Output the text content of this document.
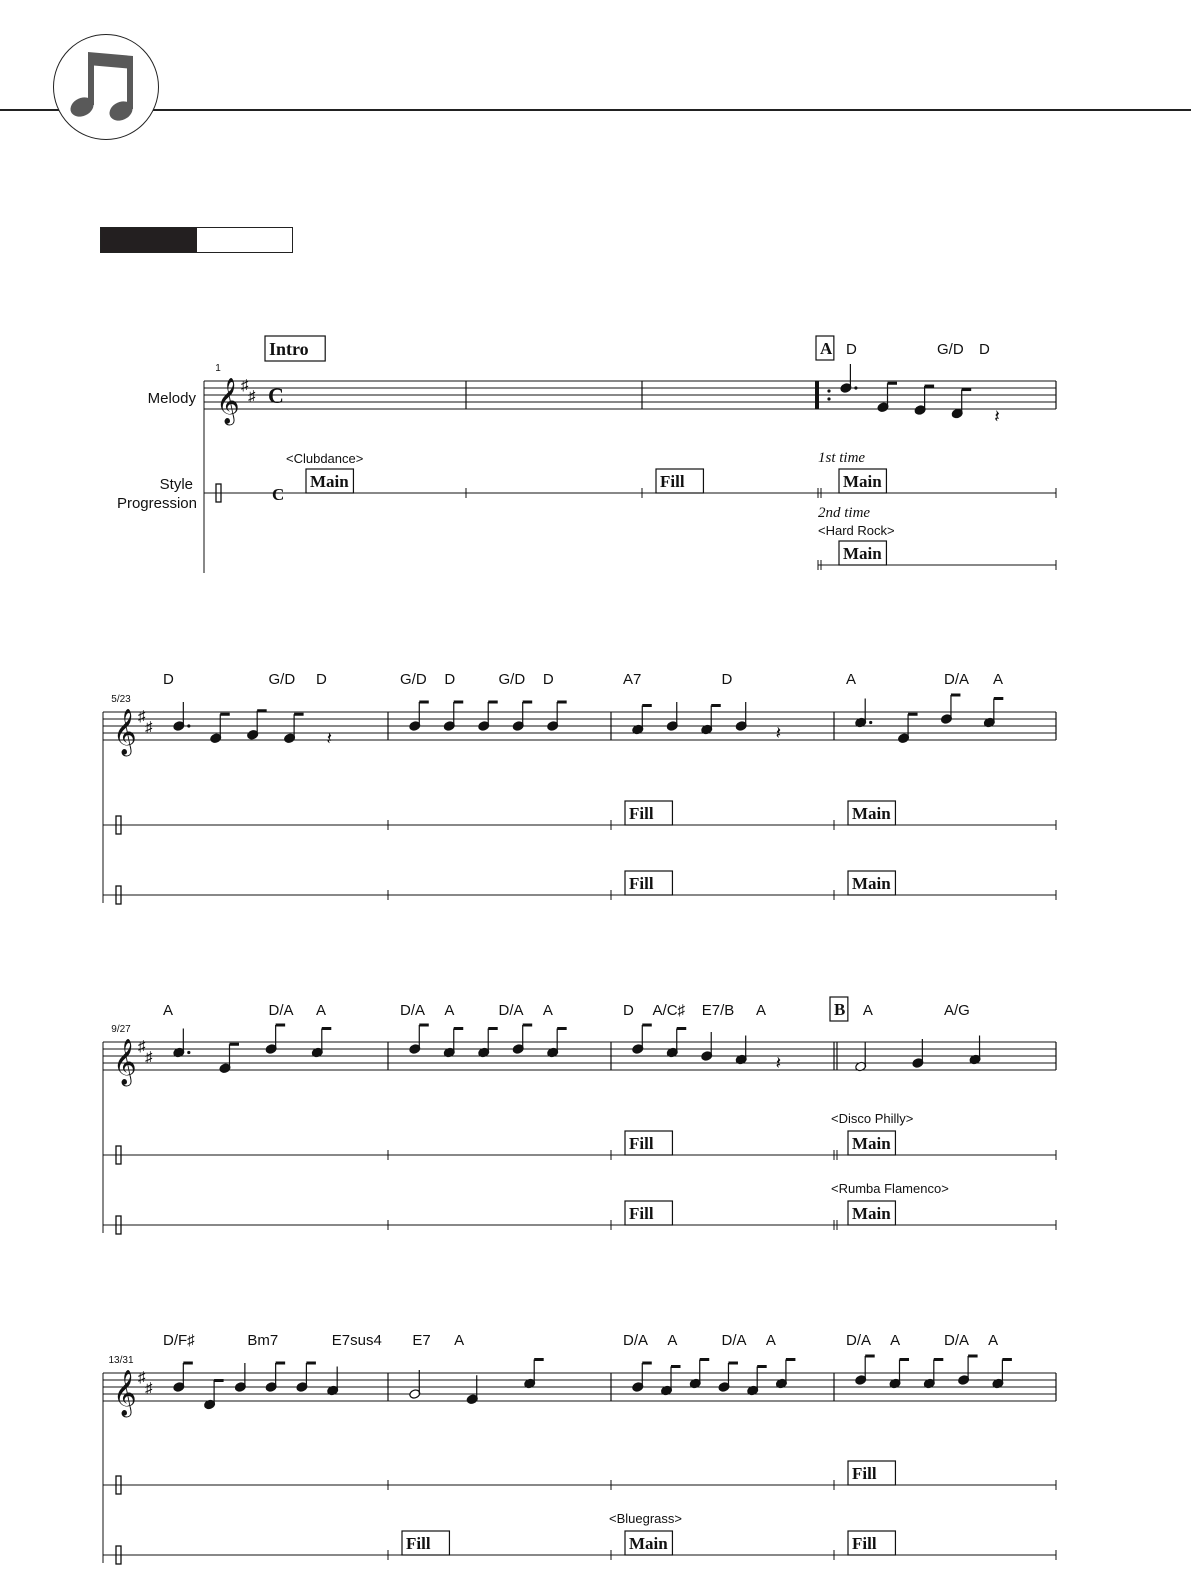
1
𝄞 ♯
♯ C
Melody
Style
Progression
Intro	A D	G/D D
𝄽
C
Main
<Clubdance>
Fill	Main
1st time
Main
<Hard Rock>
2nd time
5/23
𝄞 ♯
♯
D	G/D D	G/D D	G/D D	A7	D	A	D/A A
𝄽	𝄽
Fill	Main
Fill	Main
9/27
𝄞 ♯
♯
B
A	D/A A	D/A A	D/A A	D A/C♯ E7/B A	A	A/G
𝄽
Fill	Main
<Disco Philly>
Fill	Main
<Rumba Flamenco>
13/31
𝄞 ♯
♯
D/F♯	Bm7	E7sus4 E7 A	D/A A	D/A A	D/A A	D/A A
Fill
Fill	Main
<Bluegrass>
Fill
